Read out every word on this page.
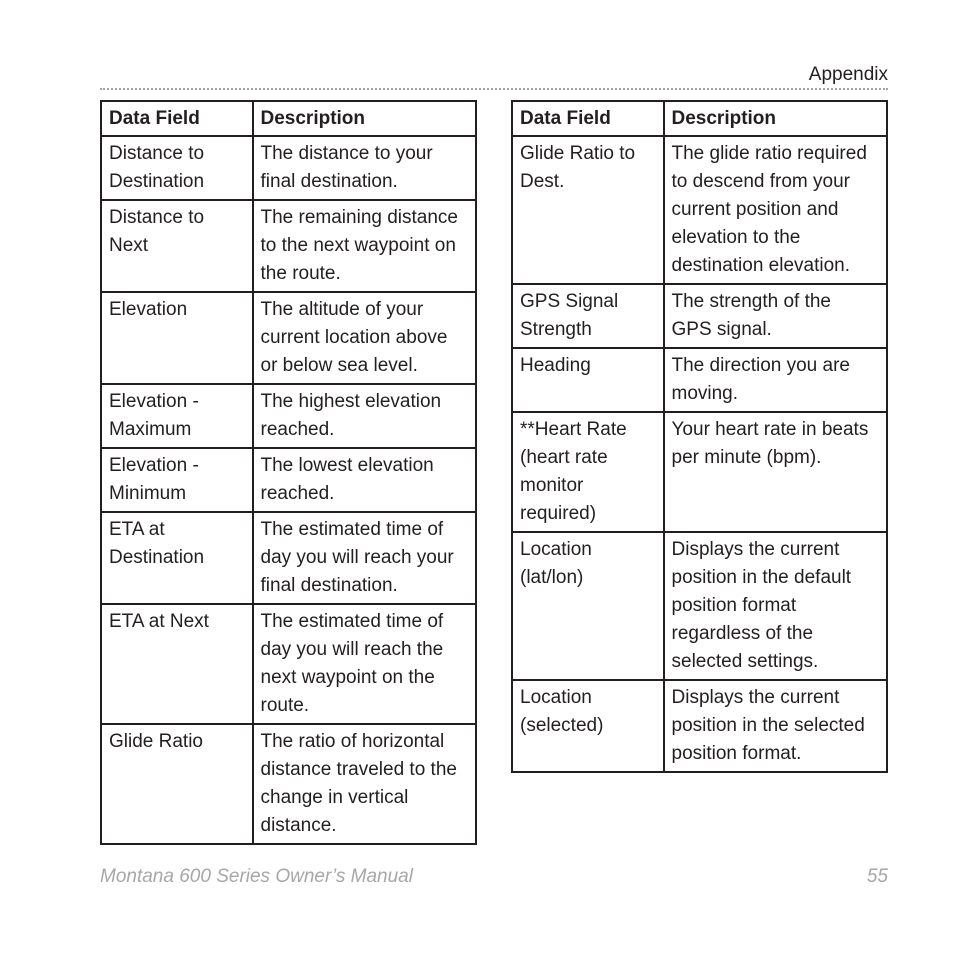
Appendix
Data Field	Description
Distance to Destination	The distance to your final destination.
Distance to Next	The remaining distance to the next waypoint on the route.
Elevation	The altitude of your current location above or below sea level.
Elevation - Maximum	The highest elevation reached.
Elevation - Minimum	The lowest elevation reached.
ETA at Destination	The estimated time of day you will reach your final destination.
ETA at Next	The estimated time of day you will reach the next waypoint on the route.
Glide Ratio	The ratio of horizontal distance traveled to the change in vertical distance.
Data Field	Description
Glide Ratio to Dest.	The glide ratio required to descend from your current position and elevation to the destination elevation.
GPS Signal Strength	The strength of the GPS signal.
Heading	The direction you are moving.
**Heart Rate (heart rate monitor required)	Your heart rate in beats per minute (bpm).
Location (lat/lon)	Displays the current position in the default position format regardless of the selected settings.
Location (selected)	Displays the current position in the selected position format.
Montana 600 Series Owner’s Manual	55
